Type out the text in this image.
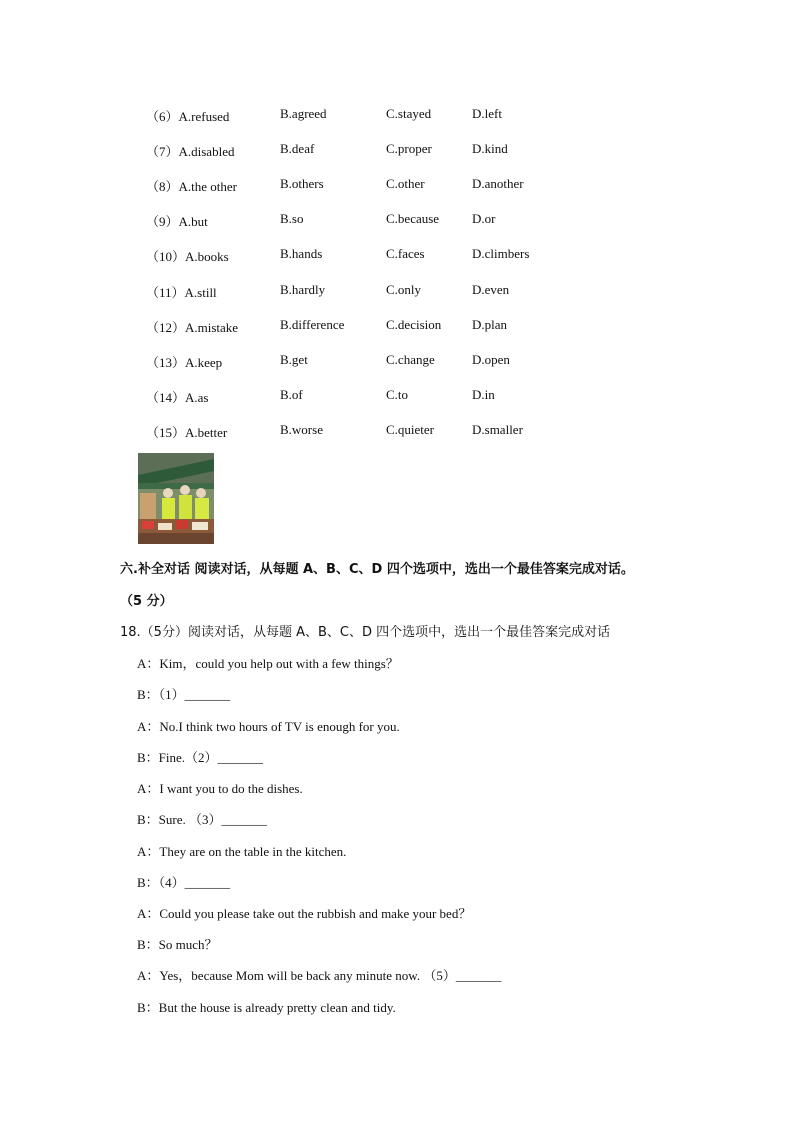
（6）A.refused	B.agreed	C.stayed	D.left
（7）A.disabled	B.deaf	C.proper	D.kind
（8）A.the other	B.others	C.other	D.another
（9）A.but	B.so	C.because	D.or
（10）A.books	B.hands	C.faces	D.climbers
（11）A.still	B.hardly	C.only	D.even
（12）A.mistake	B.difference	C.decision D.plan
（13）A.keep	B.get	C.change	D.open
（14）A.as	B.of	C.to	D.in
（15）A.better	B.worse	C.quieter	D.smaller
六.补全对话 阅读对话，从每题 A、B、C、D 四个选项中，选出一个最佳答案完成对话。
（5 分）
18.（5分）阅读对话，从每题 A、B、C、D 四个选项中，选出一个最佳答案完成对话
A：Kim，could you help out with a few things？
B：（1）_______
A：No.I think two hours of TV is enough for you.
B：Fine.（2）_______
A：I want you to do the dishes.
B：Sure. （3）_______
A：They are on the table in the kitchen.
B：（4）_______
A：Could you please take out the rubbish and make your bed？
B：So much？
A：Yes，because Mom will be back any minute now. （5）_______
B：But the house is already pretty clean and tidy.
